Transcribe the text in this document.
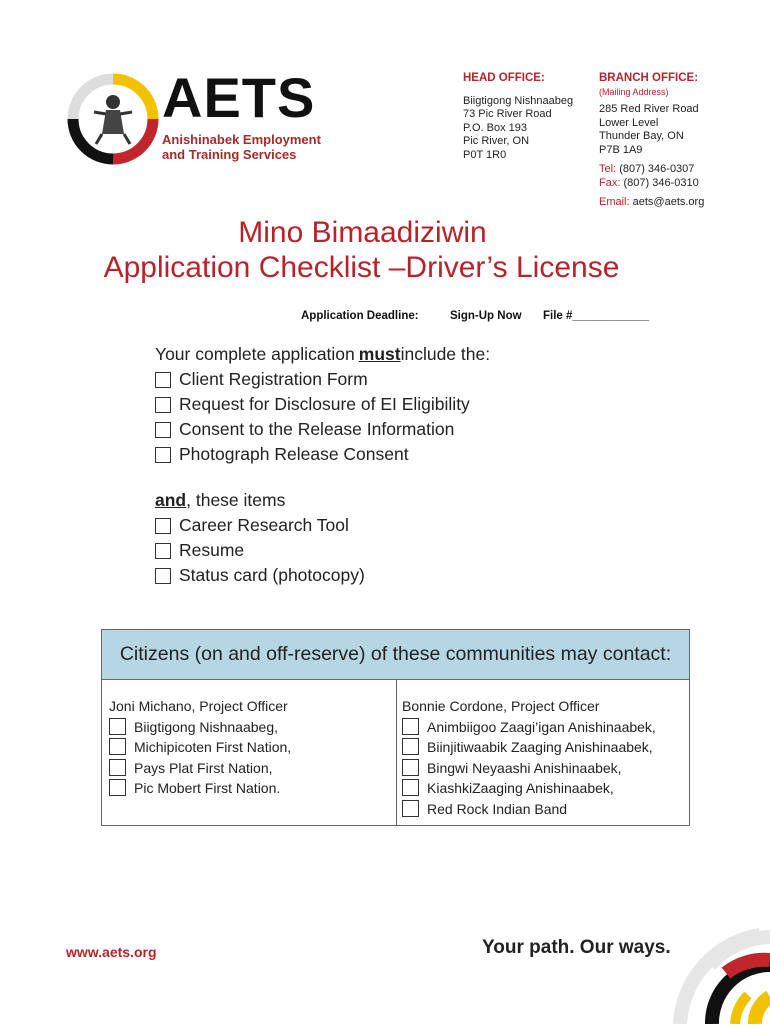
AETS
Anishinabek Employment
and Training Services
HEAD OFFICE:
Biigtigong Nishnaabeg
73 Pic River Road
P.O. Box 193
Pic River, ON
P0T 1R0
BRANCH OFFICE:
(Mailing Address)
285 Red River Road
Lower Level
Thunder Bay, ON
P7B 1A9
Tel: (807) 346-0307
Fax: (807) 346-0310
Email: aets@aets.org
Mino Bimaadiziwin
Application Checklist –Driver’s License
Application Deadline:	Sign-Up Now File #____________
Your complete application must include the:
Client Registration Form
Request for Disclosure of EI Eligibility
Consent to the Release Information
Photograph Release Consent
and , these items
Career Research Tool
Resume
Status card (photocopy)
Citizens (on and off-reserve) of these communities may contact:
Joni Michano, Project Officer
Biigtigong Nishnaabeg,
Michipicoten First Nation,
Pays Plat First Nation,
Pic Mobert First Nation.
Bonnie Cordone, Project Officer
Animbiigoo Zaagi’igan Anishinaabek,
Biinjitiwaabik Zaaging Anishinaabek,
Bingwi Neyaashi Anishinaabek,
KiashkiZaaging Anishinaabek,
Red Rock Indian Band
www.aets.org	Your path. Our ways.
